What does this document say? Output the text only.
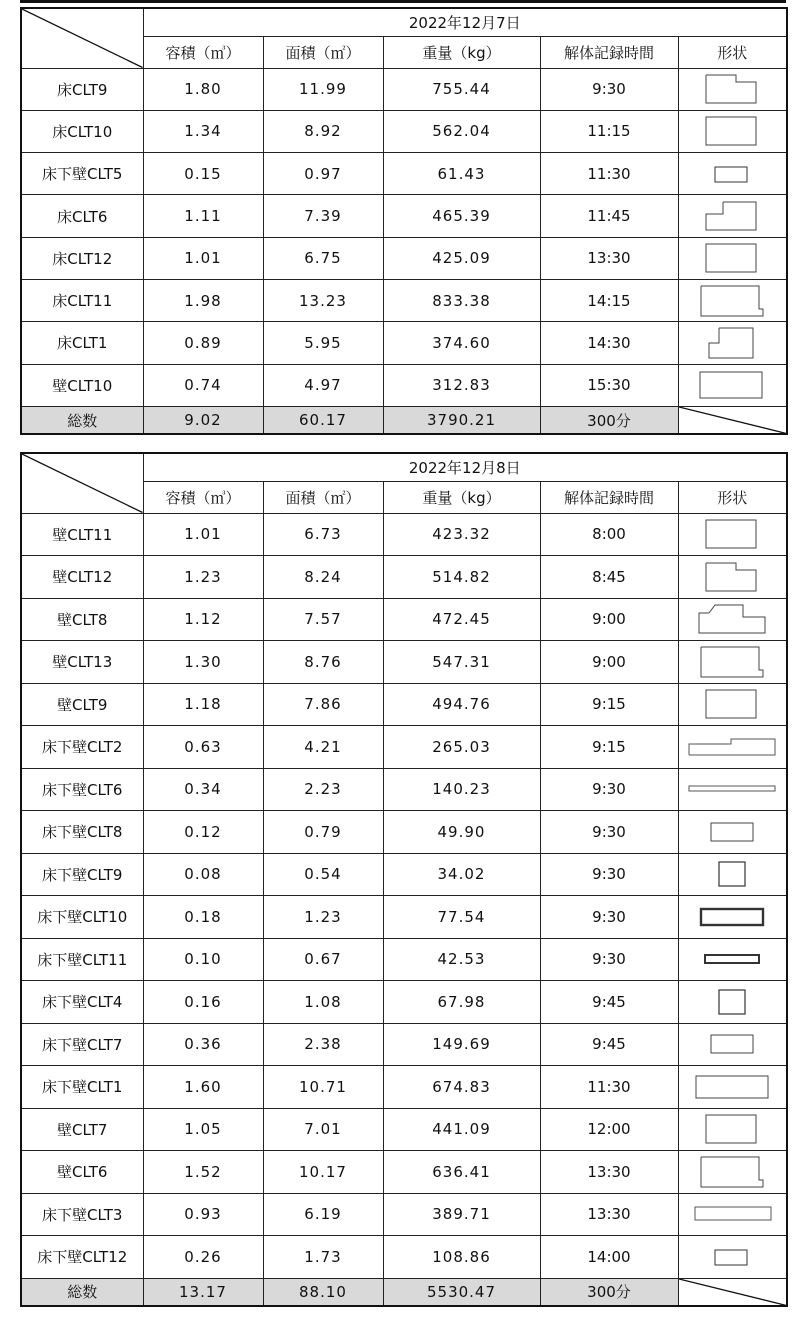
	2022年12月7日				
	容積（㎥）	面積（㎡）	重量（kg）	解体記録時間	形状
床CLT9	1.80	11.99	755.44	9:30	

床CLT10	1.34	8.92	562.04	11:15	

床下壁CLT5	0.15	0.97	61.43	11:30	

床CLT6	1.11	7.39	465.39	11:45	

床CLT12	1.01	6.75	425.09	13:30	

床CLT11	1.98	13.23	833.38	14:15	

床CLT1	0.89	5.95	374.60	14:30	

壁CLT10	0.74	4.97	312.83	15:30	

総数	9.02	60.17	3790.21	300分	
	2022年12月8日				
	容積（㎥）	面積（㎡）	重量（kg）	解体記録時間	形状
壁CLT11	1.01	6.73	423.32	8:00	

壁CLT12	1.23	8.24	514.82	8:45	

壁CLT8	1.12	7.57	472.45	9:00	

壁CLT13	1.30	8.76	547.31	9:00	

壁CLT9	1.18	7.86	494.76	9:15	

床下壁CLT2	0.63	4.21	265.03	9:15	

床下壁CLT6	0.34	2.23	140.23	9:30	

床下壁CLT8	0.12	0.79	49.90	9:30	

床下壁CLT9	0.08	0.54	34.02	9:30	

床下壁CLT10	0.18	1.23	77.54	9:30	

床下壁CLT11	0.10	0.67	42.53	9:30	

床下壁CLT4	0.16	1.08	67.98	9:45	

床下壁CLT7	0.36	2.38	149.69	9:45	

床下壁CLT1	1.60	10.71	674.83	11:30	

壁CLT7	1.05	7.01	441.09	12:00	

壁CLT6	1.52	10.17	636.41	13:30	

床下壁CLT3	0.93	6.19	389.71	13:30	

床下壁CLT12	0.26	1.73	108.86	14:00	

総数	13.17	88.10	5530.47	300分	
